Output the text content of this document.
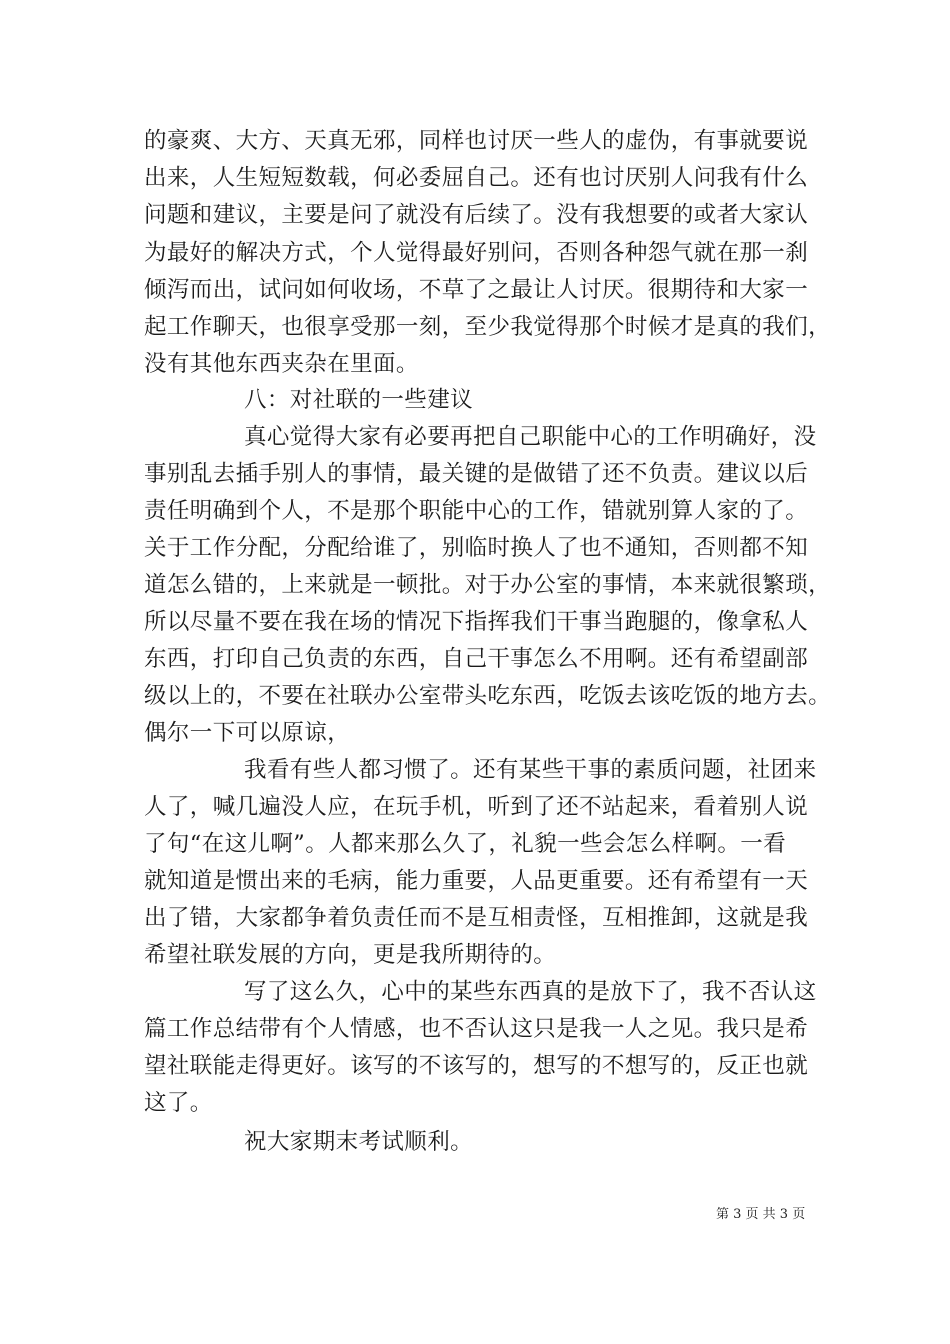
的豪爽、大方、天真无邪，同样也讨厌一些人的虚伪，有事就要说
出来，人生短短数载，何必委屈自己。还有也讨厌别人问我有什么
问题和建议，主要是问了就没有后续了。没有我想要的或者大家认
为最好的解决方式，个人觉得最好别问，否则各种怨气就在那一刹
倾泻而出，试问如何收场，不草了之最让人讨厌。很期待和大家一
起工作聊天，也很享受那一刻，至少我觉得那个时候才是真的我们，
没有其他东西夹杂在里面。
八：对社联的一些建议
真心觉得大家有必要再把自己职能中心的工作明确好，没
事别乱去插手别人的事情，最关键的是做错了还不负责。建议以后
责任明确到个人，不是那个职能中心的工作，错就别算人家的了。
关于工作分配，分配给谁了，别临时换人了也不通知，否则都不知
道怎么错的，上来就是一顿批。对于办公室的事情，本来就很繁琐，
所以尽量不要在我在场的情况下指挥我们干事当跑腿的，像拿私人
东西，打印自己负责的东西，自己干事怎么不用啊。还有希望副部
级以上的，不要在社联办公室带头吃东西，吃饭去该吃饭的地方去。
偶尔一下可以原谅，
我看有些人都习惯了。还有某些干事的素质问题，社团来
人了，喊几遍没人应，在玩手机，听到了还不站起来，看着别人说
了句“在这儿啊”。人都来那么久了，礼貌一些会怎么样啊。一看
就知道是惯出来的毛病，能力重要，人品更重要。还有希望有一天
出了错，大家都争着负责任而不是互相责怪，互相推卸，这就是我
希望社联发展的方向，更是我所期待的。
写了这么久，心中的某些东西真的是放下了，我不否认这
篇工作总结带有个人情感，也不否认这只是我一人之见。我只是希
望社联能走得更好。该写的不该写的，想写的不想写的，反正也就
这了。
祝大家期末考试顺利。
第 3 页 共 3 页
